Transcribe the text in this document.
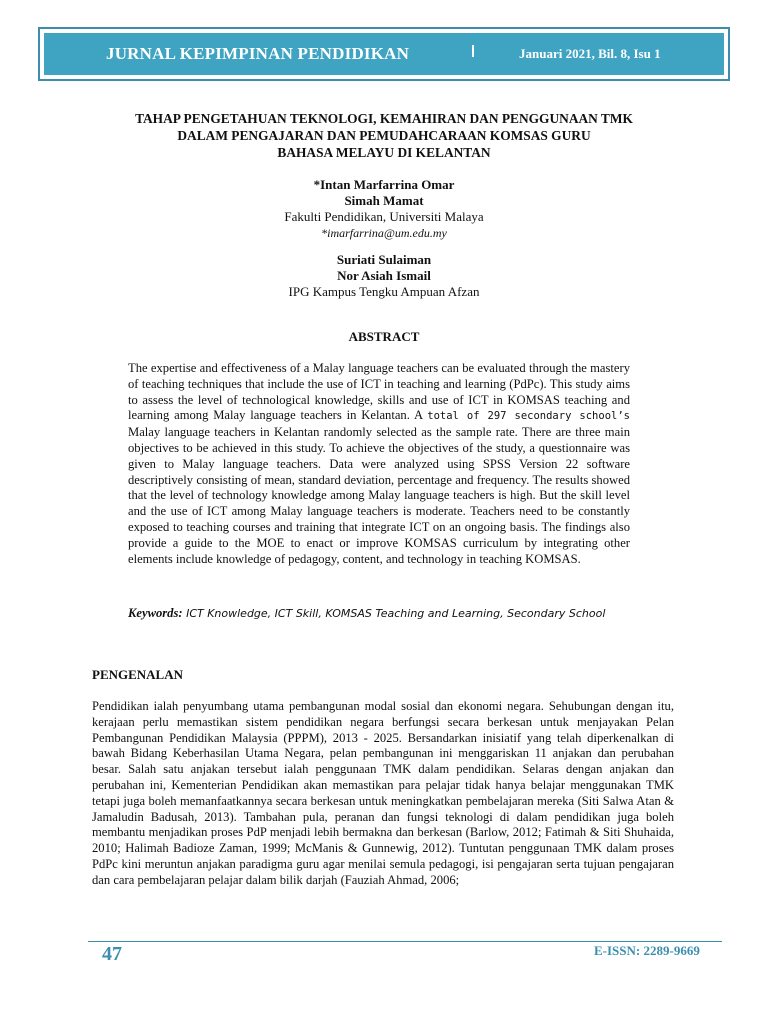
JURNAL KEPIMPINAN PENDIDIKAN	Januari 2021, Bil. 8, Isu 1
TAHAP PENGETAHUAN TEKNOLOGI, KEMAHIRAN DAN PENGGUNAAN TMK
DALAM PENGAJARAN DAN PEMUDAHCARAAN KOMSAS GURU
BAHASA MELAYU DI KELANTAN
*Intan Marfarrina Omar
Simah Mamat
Fakulti Pendidikan, Universiti Malaya
*imarfarrina@um.edu.my
Suriati Sulaiman
Nor Asiah Ismail
IPG Kampus Tengku Ampuan Afzan
ABSTRACT
The expertise and effectiveness of a Malay language teachers can be evaluated through the mastery of teaching techniques that include the use of ICT in teaching and learning (PdPc). This study aims to assess the level of technological knowledge, skills and use of ICT in KOMSAS teaching and learning among Malay language teachers in Kelantan. A total of 297 secondary school’s Malay language teachers in Kelantan randomly selected as the sample rate. There are three main objectives to be achieved in this study. To achieve the objectives of the study, a questionnaire was given to Malay language teachers. Data were analyzed using SPSS Version 22 software descriptively consisting of mean, standard deviation, percentage and frequency. The results showed that the level of technology knowledge among Malay language teachers is high. But the skill level and the use of ICT among Malay language teachers is moderate. Teachers need to be constantly exposed to teaching courses and training that integrate ICT on an ongoing basis. The findings also provide a guide to the MOE to enact or improve KOMSAS curriculum by integrating other elements include knowledge of pedagogy, content, and technology in teaching KOMSAS.
Keywords: ICT Knowledge, ICT Skill, KOMSAS Teaching and Learning, Secondary School
PENGENALAN
Pendidikan ialah penyumbang utama pembangunan modal sosial dan ekonomi negara. Sehubungan dengan itu, kerajaan perlu memastikan sistem pendidikan negara berfungsi secara berkesan untuk menjayakan Pelan Pembangunan Pendidikan Malaysia (PPPM), 2013 - 2025. Bersandarkan inisiatif yang telah diperkenalkan di bawah Bidang Keberhasilan Utama Negara, pelan pembangunan ini menggariskan 11 anjakan dan perubahan besar. Salah satu anjakan tersebut ialah penggunaan TMK dalam pendidikan. Selaras dengan anjakan dan perubahan ini, Kementerian Pendidikan akan memastikan para pelajar tidak hanya belajar menggunakan TMK tetapi juga boleh memanfaatkannya secara berkesan untuk meningkatkan pembelajaran mereka (Siti Salwa Atan & Jamaludin Badusah, 2013). Tambahan pula, peranan dan fungsi teknologi di dalam pendidikan juga boleh membantu menjadikan proses PdP menjadi lebih bermakna dan berkesan (Barlow, 2012; Fatimah & Siti Shuhaida, 2010; Halimah Badioze Zaman, 1999; McManis & Gunnewig, 2012). Tuntutan penggunaan TMK dalam proses PdPc kini meruntun anjakan paradigma guru agar menilai semula pedagogi, isi pengajaran serta tujuan pengajaran dan cara pembelajaran pelajar dalam bilik darjah (Fauziah Ahmad, 2006;
47	E-ISSN: 2289-9669
